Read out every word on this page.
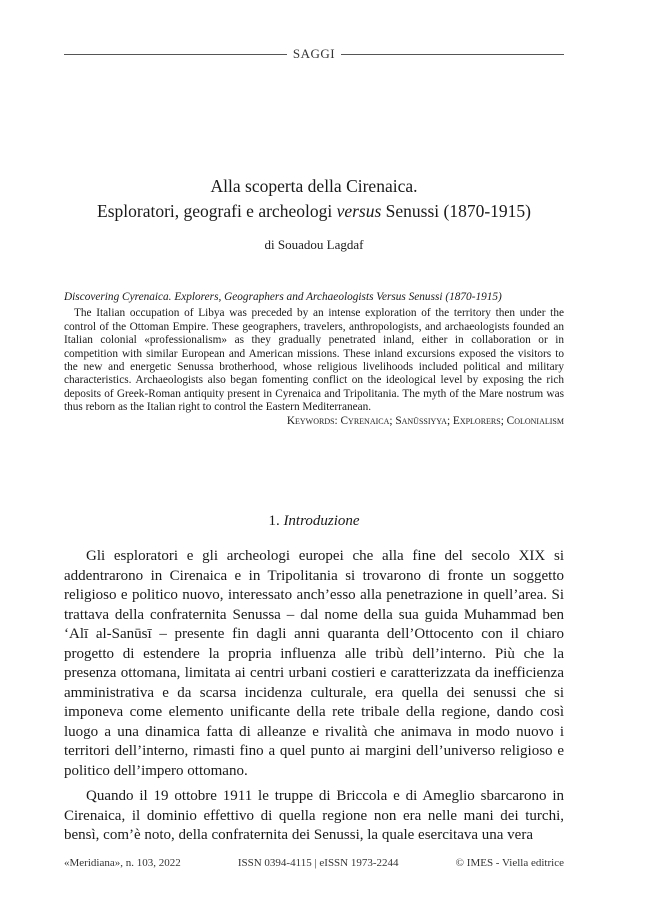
SAGGI
Alla scoperta della Cirenaica.
Esploratori, geografi e archeologi versus Senussi (1870-1915)
di Souadou Lagdaf
Discovering Cyrenaica. Explorers, Geographers and Archaeologists Versus Senussi (1870-1915)

The Italian occupation of Libya was preceded by an intense exploration of the territory then under the control of the Ottoman Empire. These geographers, travelers, anthropologists, and archaeologists founded an Italian colonial «professionalism» as they gradually penetrated inland, either in collaboration or in competition with similar European and American missions. These inland excursions exposed the visitors to the new and energetic Senussa brotherhood, whose religious livelihoods included political and military characteristics. Archaeologists also began fomenting conflict on the ideological level by exposing the rich deposits of Greek-Roman antiquity present in Cyrenaica and Tripolitania. The myth of the Mare nostrum was thus reborn as the Italian right to control the Eastern Mediterranean.

Keywords: Cyrenaica; Sanūssiyya; Explorers; Colonialism
1. Introduzione

Gli esploratori e gli archeologi europei che alla fine del secolo XIX si addentrarono in Cirenaica e in Tripolitania si trovarono di fronte un soggetto religioso e politico nuovo, interessato anch’esso alla penetrazione in quell’area. Si trattava della confraternita Senussa – dal nome della sua guida Muhammad ben ‘Alī al-Sanūsī – presente fin dagli anni quaranta dell’Ottocento con il chiaro progetto di estendere la propria influenza alle tribù dell’interno. Più che la presenza ottomana, limitata ai centri urbani costieri e caratterizzata da inefficienza amministrativa e da scarsa incidenza culturale, era quella dei senussi che si imponeva come elemento unificante della rete tribale della regione, dando così luogo a una dinamica fatta di alleanze e rivalità che animava in modo nuovo i territori dell’interno, rimasti fino a quel punto ai margini dell’universo religioso e politico dell’impero ottomano.

Quando il 19 ottobre 1911 le truppe di Briccola e di Ameglio sbarcarono in Cirenaica, il dominio effettivo di quella regione non era nelle mani dei turchi, bensì, com’è noto, della confraternita dei Senussi, la quale esercitava una vera

«Meridiana», n. 103, 2022	ISSN 0394-4115 | eISSN 1973-2244	© IMES - Viella editrice
